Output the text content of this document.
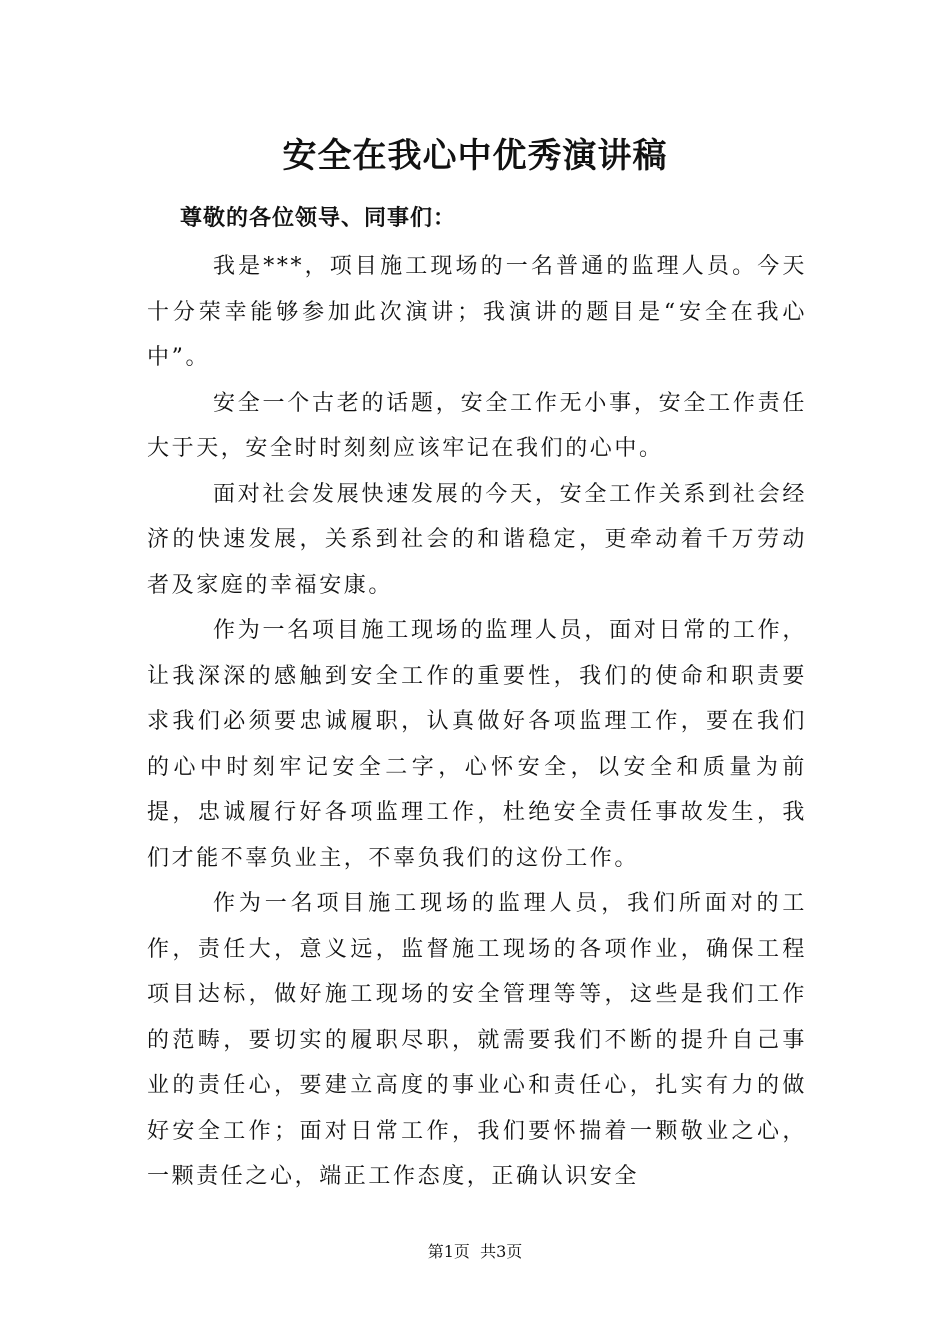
安全在我心中优秀演讲稿
尊敬的各位领导、同事们：

我是***，项目施工现场的一名普通的监理人员。今天十分荣幸能够参加此次演讲；我演讲的题目是“安全在我心中”。

安全一个古老的话题，安全工作无小事，安全工作责任大于天，安全时时刻刻应该牢记在我们的心中。

面对社会发展快速发展的今天，安全工作关系到社会经济的快速发展，关系到社会的和谐稳定，更牵动着千万劳动者及家庭的幸福安康。

作为一名项目施工现场的监理人员，面对日常的工作，让我深深的感触到安全工作的重要性，我们的使命和职责要求我们必须要忠诚履职，认真做好各项监理工作，要在我们的心中时刻牢记安全二字，心怀安全，以安全和质量为前提，忠诚履行好各项监理工作，杜绝安全责任事故发生，我们才能不辜负业主，不辜负我们的这份工作。

作为一名项目施工现场的监理人员，我们所面对的工作，责任大，意义远，监督施工现场的各项作业，确保工程项目达标，做好施工现场的安全管理等等，这些是我们工作的范畴，要切实的履职尽职，就需要我们不断的提升自己事业的责任心，要建立高度的事业心和责任心，扎实有力的做好安全工作；面对日常工作，我们要怀揣着一颗敬业之心，一颗责任之心，端正工作态度，正确认识安全

第1页  共3页
